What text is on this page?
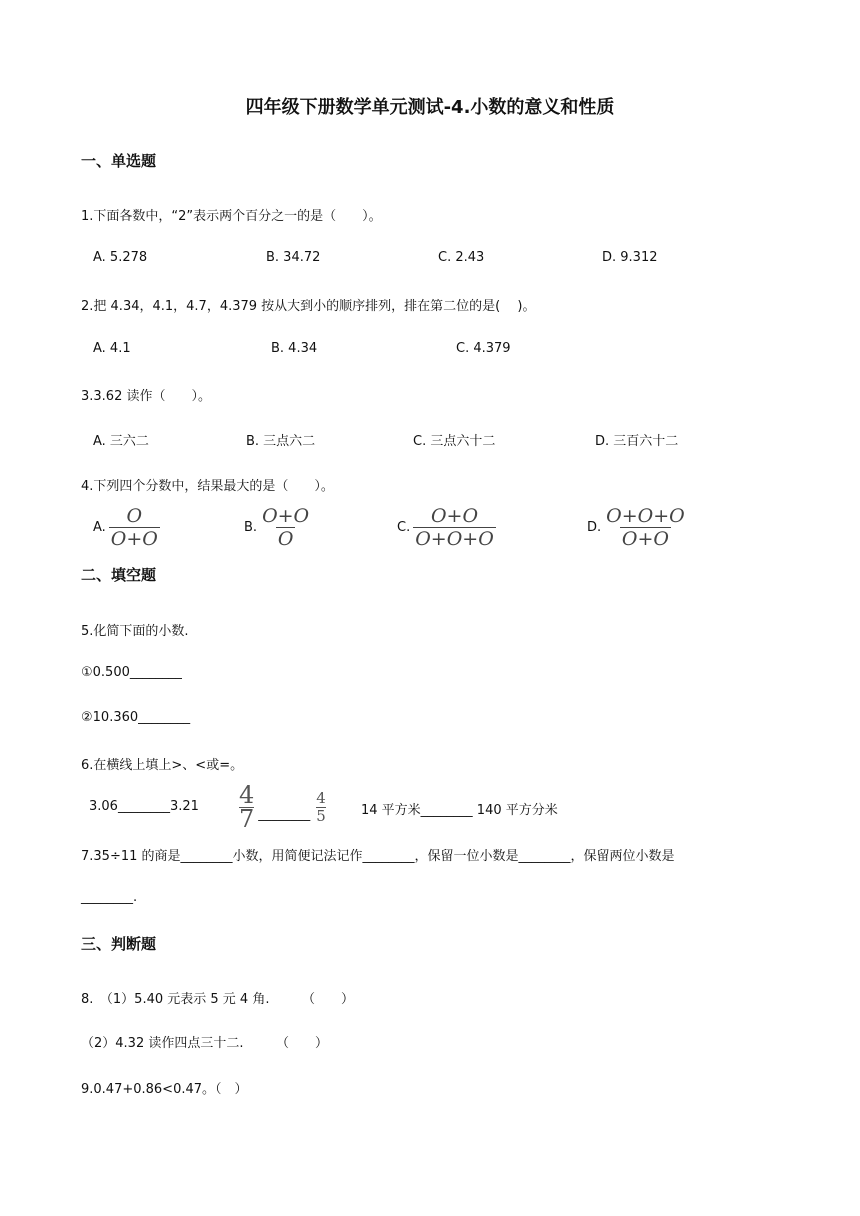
四年级下册数学单元测试-4.小数的意义和性质
一、单选题
1.下面各数中，“2”表示两个百分之一的是（　　）。
A. 5.278	B. 34.72	C. 2.43	D. 9.312
2.把 4.34，4.1，4.7，4.379 按从大到小的顺序排列，排在第二位的是(　 )。
A. 4.1	B. 4.34	C. 4.379
3.3.62 读作（　　）。
A. 三六二	B. 三点六二	C. 三点六十二	D. 三百六十二
4.下列四个分数中，结果最大的是（　　）。
A. $\frac{O}{O+O}$	B. $\frac{O+O}{O}$	C. $\frac{O+O}{O+O+O}$	D. $\frac{O+O+O}{O+O}$
二、填空题
5.化简下面的小数.
①0.500________
②10.360________
6.在横线上填上>、<或=。
3.06________3.21 $\frac{4}{7}$ ________ $\frac{4}{5}$	14 平方米________ 140 平方分米
7.35÷11 的商是________小数，用简便记法记作________，保留一位小数是________，保留两位小数是
________.
三、判断题
8.　（1）5.40 元表示 5 元 4 角.　　　（　　）
（2）4.32 读作四点三十二.　　　（　　）
9.0.47+0.86<0.47。（　）
